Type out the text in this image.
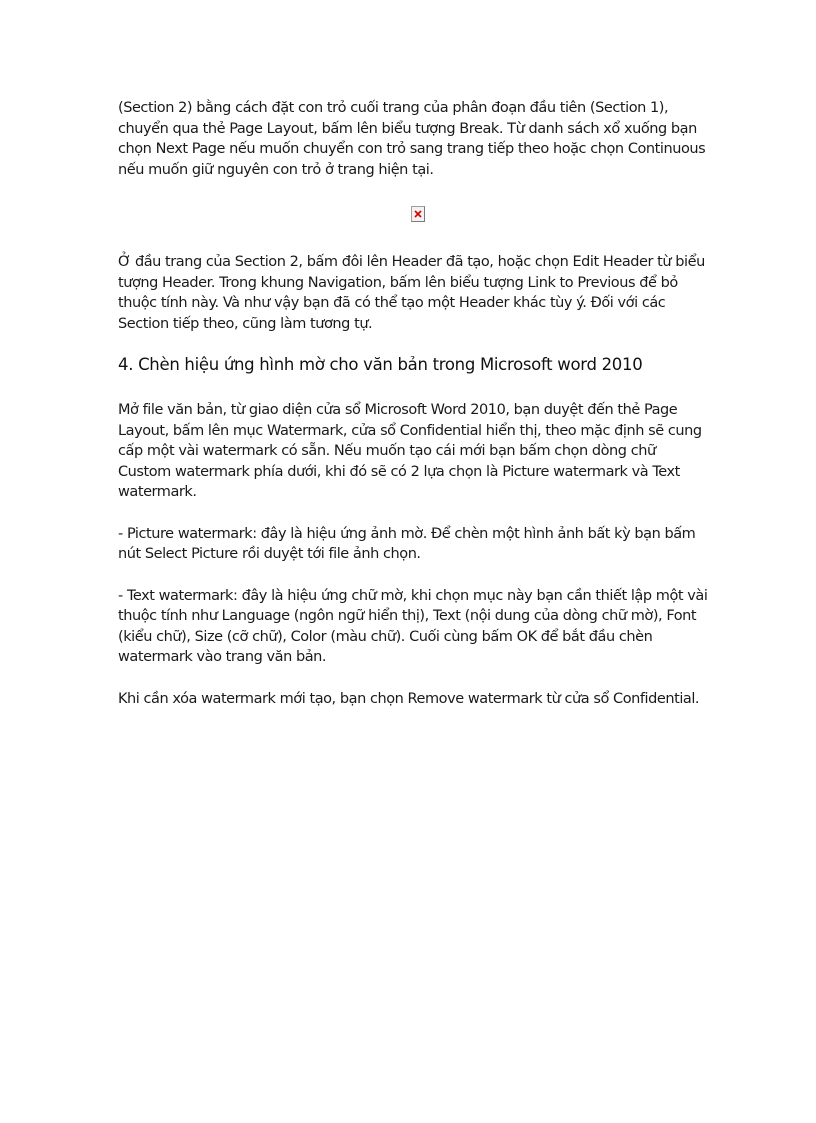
(Section 2) bằng cách đặt con trỏ cuối trang của phân đoạn đầu tiên (Section 1), chuyển qua thẻ Page Layout, bấm lên biểu tượng Break. Từ danh sách xổ xuống bạn chọn Next Page nếu muốn chuyển con trỏ sang trang tiếp theo hoặc chọn Continuous nếu muốn giữ nguyên con trỏ ở trang hiện tại.

Ở đầu trang của Section 2, bấm đôi lên Header đã tạo, hoặc chọn Edit Header từ biểu tượng Header. Trong khung Navigation, bấm lên biểu tượng Link to Previous để bỏ thuộc tính này. Và như vậy bạn đã có thể tạo một Header khác tùy ý. Đối với các Section tiếp theo, cũng làm tương tự.

4. Chèn hiệu ứng hình mờ cho văn bản trong Microsoft word 2010

Mở file văn bản, từ giao diện cửa sổ Microsoft Word 2010, bạn duyệt đến thẻ Page Layout, bấm lên mục Watermark, cửa sổ Confidential hiển thị, theo mặc định sẽ cung cấp một vài watermark có sẵn. Nếu muốn tạo cái mới bạn bấm chọn dòng chữ Custom watermark phía dưới, khi đó sẽ có 2 lựa chọn là Picture watermark và Text watermark.

- Picture watermark: đây là hiệu ứng ảnh mờ. Để chèn một hình ảnh bất kỳ bạn bấm nút Select Picture rồi duyệt tới file ảnh chọn.

- Text watermark: đây là hiệu ứng chữ mờ, khi chọn mục này bạn cần thiết lập một vài thuộc tính như Language (ngôn ngữ hiển thị), Text (nội dung của dòng chữ mờ), Font (kiểu chữ), Size (cỡ chữ), Color (màu chữ). Cuối cùng bấm OK để bắt đầu chèn watermark vào trang văn bản.

Khi cần xóa watermark mới tạo, bạn chọn Remove watermark từ cửa sổ Confidential.
